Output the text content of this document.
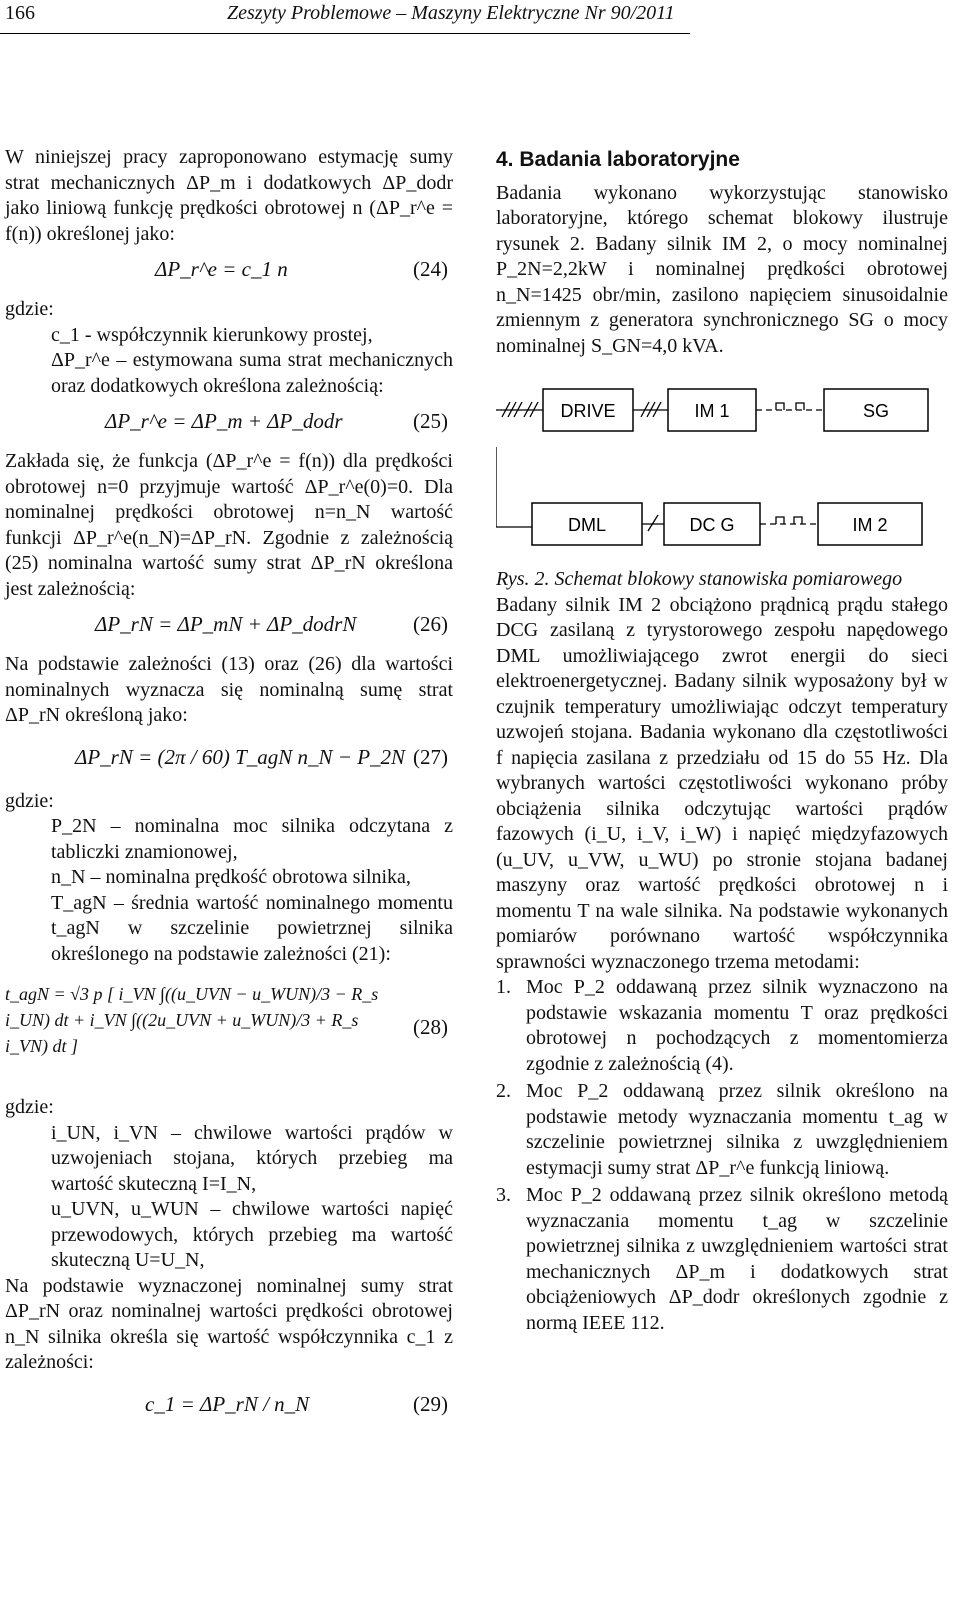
166	Zeszyty Problemowe – Maszyny Elektryczne Nr 90/2011

W niniejszej pracy zaproponowano estymację sumy strat mechanicznych ΔP_m i dodatkowych ΔP_dodr jako liniową funkcję prędkości obrotowej n (ΔP_r^e = f(n)) określonej jako:

ΔP_r^e = c_1 n	(24)

gdzie:

c_1 - współczynnik kierunkowy prostej,

ΔP_r^e – estymowana suma strat mechanicznych oraz dodatkowych określona zależnością:

ΔP_r^e = ΔP_m + ΔP_dodr	(25)

Zakłada się, że funkcja (ΔP_r^e = f(n)) dla prędkości obrotowej n=0 przyjmuje wartość ΔP_r^e(0)=0. Dla nominalnej prędkości obrotowej n=n_N wartość funkcji ΔP_r^e(n_N)=ΔP_rN. Zgodnie z zależnością (25) nominalna wartość sumy strat ΔP_rN określona jest zależnością:

ΔP_rN = ΔP_mN + ΔP_dodrN	(26)

Na podstawie zależności (13) oraz (26) dla wartości nominalnych wyznacza się nominalną sumę strat ΔP_rN określoną jako:

ΔP_rN = (2π / 60) T_agN n_N − P_2N (27)

gdzie:

P_2N – nominalna moc silnika odczytana z tabliczki znamionowej,

n_N – nominalna prędkość obrotowa silnika,

T_agN – średnia wartość nominalnego momentu t_agN w szczelinie powietrznej silnika określonego na podstawie zależności (21):

t_agN = √3 p [ i_VN ∫((u_UVN − u_WUN)/3 − R_s i_UN) dt + i_VN ∫((2u_UVN + u_WUN)/3 + R_s i_VN) dt ]
(28)

gdzie:

i_UN, i_VN – chwilowe wartości prądów w uzwojeniach stojana, których przebieg ma wartość skuteczną I=I_N,

u_UVN, u_WUN – chwilowe wartości napięć przewodowych, których przebieg ma wartość skuteczną U=U_N,

Na podstawie wyznaczonej nominalnej sumy strat ΔP_rN oraz nominalnej wartości prędkości obrotowej n_N silnika określa się wartość współczynnika c_1 z zależności:

c_1 = ΔP_rN / n_N	(29)
4. Badania laboratoryjne

Badania wykonano wykorzystując stanowisko laboratoryjne, którego schemat blokowy ilustruje rysunek 2. Badany silnik IM 2, o mocy nominalnej P_2N=2,2kW i nominalnej prędkości obrotowej n_N=1425 obr/min, zasilono napięciem sinusoidalnie zmiennym z generatora synchronicznego SG o mocy nominalnej S_GN=4,0 kVA.

DRIVE	IM 1	SG
DML	DC G	IM 2

Rys. 2. Schemat blokowy stanowiska pomiarowego

Badany silnik IM 2 obciążono prądnicą prądu stałego DCG zasilaną z tyrystorowego zespołu napędowego DML umożliwiającego zwrot energii do sieci elektroenergetycznej. Badany silnik wyposażony był w czujnik temperatury umożliwiając odczyt temperatury uzwojeń stojana. Badania wykonano dla częstotliwości f napięcia zasilana z przedziału od 15 do 55 Hz. Dla wybranych wartości częstotliwości wykonano próby obciążenia silnika odczytując wartości prądów fazowych (i_U, i_V, i_W) i napięć międzyfazowych (u_UV, u_VW, u_WU) po stronie stojana badanej maszyny oraz wartość prędkości obrotowej n i momentu T na wale silnika. Na podstawie wykonanych pomiarów porównano wartość współczynnika sprawności wyznaczonego trzema metodami:

1. Moc P_2 oddawaną przez silnik wyznaczono na podstawie wskazania momentu T oraz prędkości obrotowej n pochodzących z momentomierza zgodnie z zależnością (4).
2. Moc P_2 oddawaną przez silnik określono na podstawie metody wyznaczania momentu t_ag w szczelinie powietrznej silnika z uwzględnieniem estymacji sumy strat ΔP_r^e funkcją liniową.
3. Moc P_2 oddawaną przez silnik określono metodą wyznaczania momentu t_ag w szczelinie powietrznej silnika z uwzględnieniem wartości strat mechanicznych ΔP_m i dodatkowych strat obciążeniowych ΔP_dodr określonych zgodnie z normą IEEE 112.
